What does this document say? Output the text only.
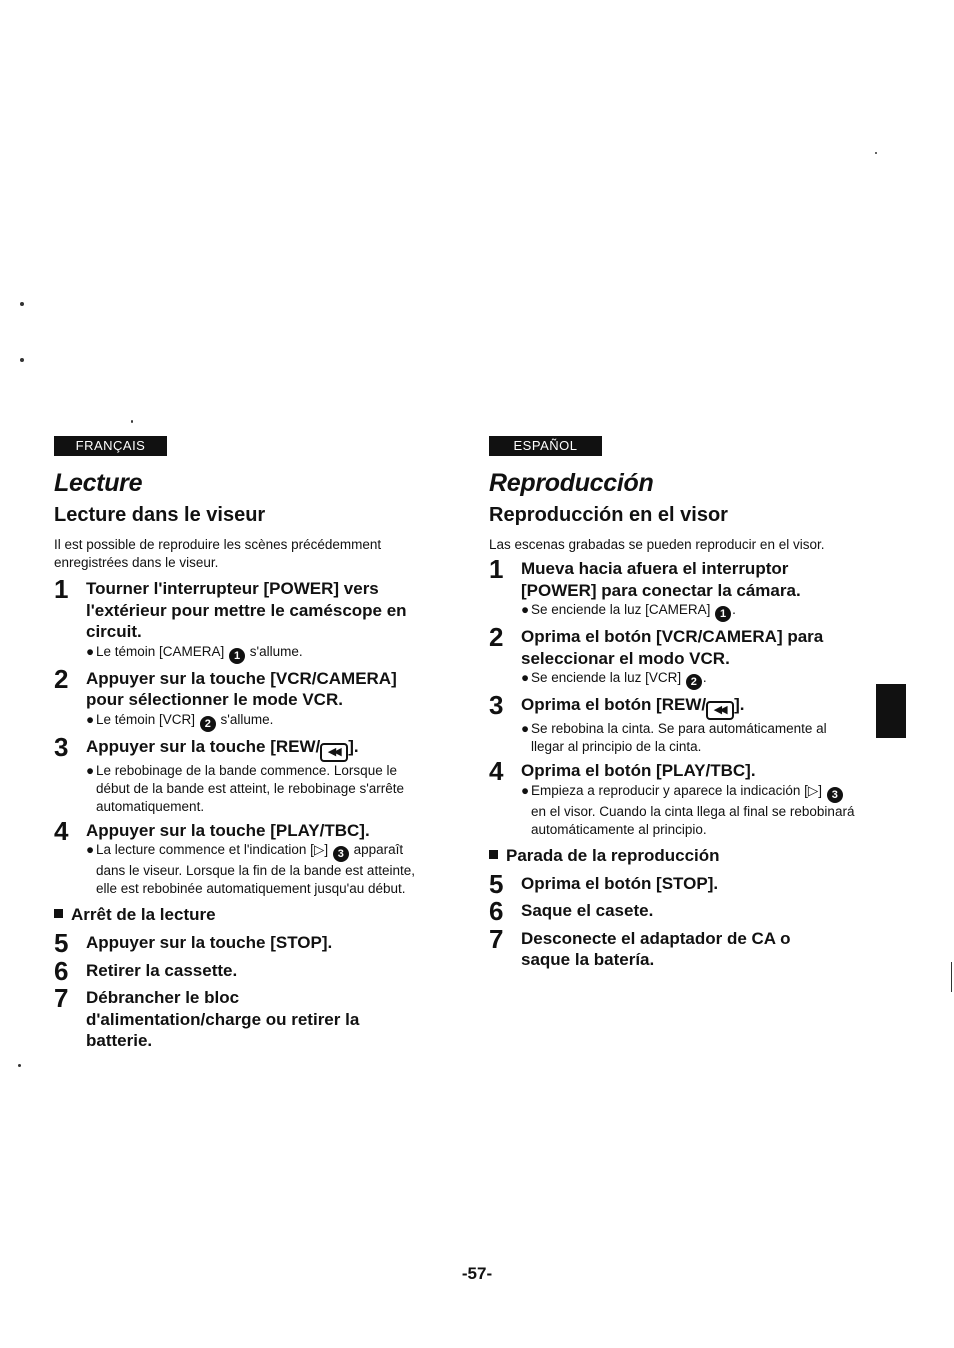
FRANÇAIS
Lecture
Lecture dans le viseur
Il est possible de reproduire les scènes précédemment enregistrées dans le viseur.
1 Tourner l'interrupteur [POWER] vers l'extérieur pour mettre le caméscope en circuit.
● Le témoin [CAMERA] 1 s'allume.
2 Appuyer sur la touche [VCR/CAMERA] pour sélectionner le mode VCR.
● Le témoin [VCR] 2 s'allume.
3 Appuyer sur la touche [REW/ ◀◀ ].
● Le rebobinage de la bande commence. Lorsque le début de la bande est atteint, le rebobinage s'arrête automatiquement.
4 Appuyer sur la touche [PLAY/TBC].
● La lecture commence et l'indication [▷] 3 apparaît dans le viseur. Lorsque la fin de la bande est atteinte, elle est rebobinée automatiquement jusqu'au début.
Arrêt de la lecture
5 Appuyer sur la touche [STOP].
6 Retirer la cassette.
7 Débrancher le bloc d'alimentation/charge ou retirer la batterie.
ESPAÑOL
Reproducción
Reproducción en el visor
Las escenas grabadas se pueden reproducir en el visor.
1 Mueva hacia afuera el interruptor [POWER] para conectar la cámara.
● Se enciende la luz [CAMERA] 1 .
2 Oprima el botón [VCR/CAMERA] para seleccionar el modo VCR.
● Se enciende la luz [VCR] 2 .
3 Oprima el botón [REW/ ◀◀ ].
● Se rebobina la cinta. Se para automáticamente al llegar al principio de la cinta.
4 Oprima el botón [PLAY/TBC].
● Empieza a reproducir y aparece la indicación [▷] 3 en el visor. Cuando la cinta llega al final se rebobinará automáticamente al principio.
Parada de la reproducción
5 Oprima el botón [STOP].
6 Saque el casete.
7 Desconecte el adaptador de CA o saque la batería.
-57-
